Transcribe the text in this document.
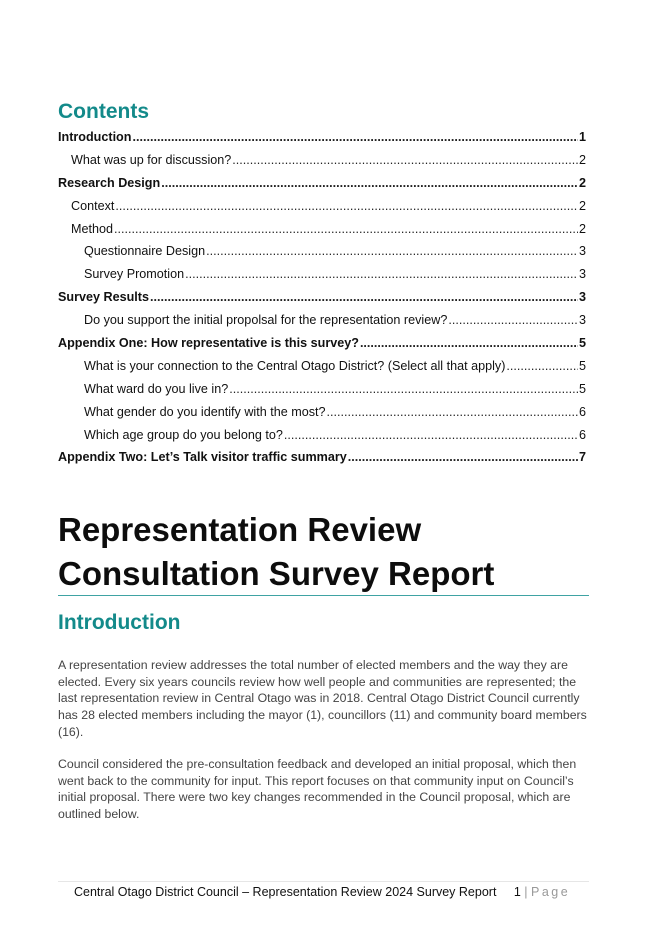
Contents
Introduction .....	1
What was up for discussion? .....	2
Research Design .....	2
Context .....	2
Method .....	2
Questionnaire Design .....	3
Survey Promotion .....	3
Survey Results .....	3
Do you support the initial propolsal for the representation review? .....	3
Appendix One: How representative is this survey? .....	5
What is your connection to the Central Otago District? (Select all that apply) .....	5
What ward do you live in? .....	5
What gender do you identify with the most? .....	6
Which age group do you belong to? .....	6
Appendix Two: Let’s Talk visitor traffic summary .....	7
Representation Review
Consultation Survey Report
Introduction

A representation review addresses the total number of elected members and the way they are elected. Every six years councils review how well people and communities are represented; the last representation review in Central Otago was in 2018. Central Otago District Council currently has 28 elected members including the mayor (1), councillors (11) and community board members (16).

Council considered the pre-consultation feedback and developed an initial proposal, which then went back to the community for input. This report focuses on that community input on Council’s initial proposal. There were two key changes recommended in the Council proposal, which are outlined below.

Central Otago District Council – Representation Review 2024 Survey Report 1 | Page
